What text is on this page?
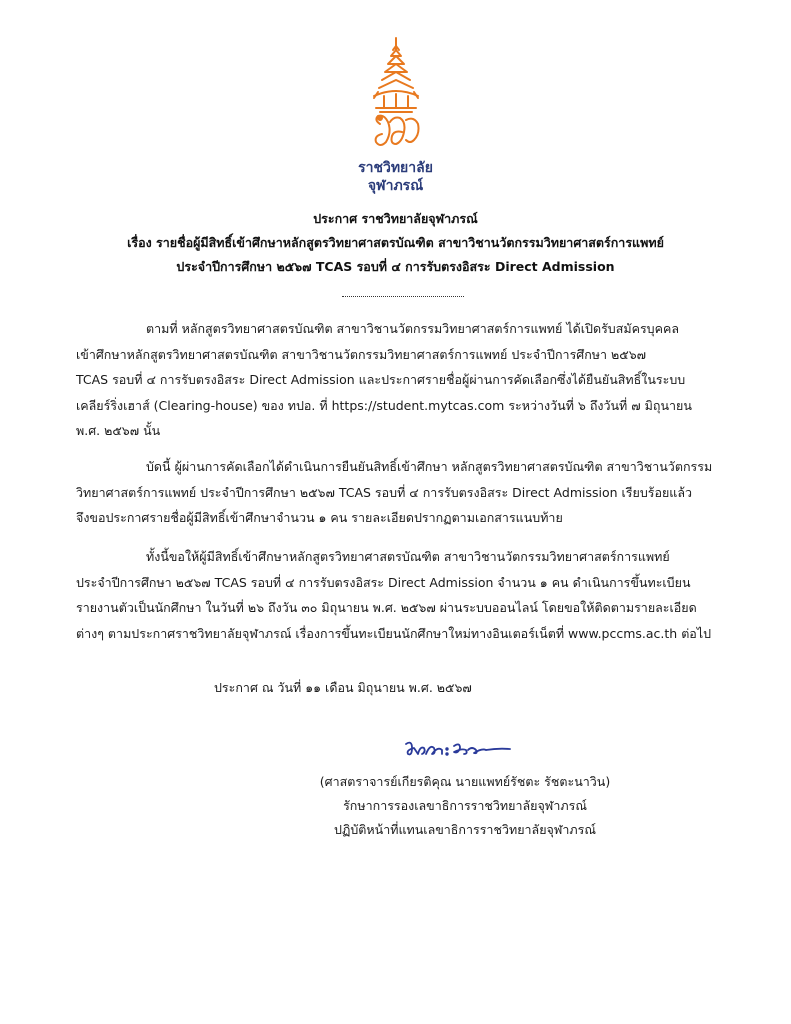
ราชวิทยาลัย
จุฬาภรณ์
ประกาศ ราชวิทยาลัยจุฬาภรณ์
เรื่อง รายชื่อผู้มีสิทธิ์เข้าศึกษาหลักสูตรวิทยาศาสตรบัณฑิต สาขาวิชานวัตกรรมวิทยาศาสตร์การแพทย์
ประจำปีการศึกษา ๒๕๖๗ TCAS รอบที่ ๔ การรับตรงอิสระ Direct Admission
ตามที่ หลักสูตรวิทยาศาสตรบัณฑิต สาขาวิชานวัตกรรมวิทยาศาสตร์การแพทย์ ได้เปิดรับสมัครบุคคล
เข้าศึกษาหลักสูตรวิทยาศาสตรบัณฑิต สาขาวิชานวัตกรรมวิทยาศาสตร์การแพทย์ ประจำปีการศึกษา ๒๕๖๗
TCAS รอบที่ ๔ การรับตรงอิสระ Direct Admission และประกาศรายชื่อผู้ผ่านการคัดเลือกซึ่งได้ยืนยันสิทธิ์ในระบบ
เคลียร์ริ่งเฮาส์ (Clearing-house) ของ ทปอ. ที่ https://student.mytcas.com ระหว่างวันที่ ๖ ถึงวันที่ ๗ มิถุนายน
พ.ศ. ๒๕๖๗ นั้น
บัดนี้ ผู้ผ่านการคัดเลือกได้ดำเนินการยืนยันสิทธิ์เข้าศึกษา หลักสูตรวิทยาศาสตรบัณฑิต สาขาวิชานวัตกรรม
วิทยาศาสตร์การแพทย์ ประจำปีการศึกษา ๒๕๖๗ TCAS รอบที่ ๔ การรับตรงอิสระ Direct Admission เรียบร้อยแล้ว
จึงขอประกาศรายชื่อผู้มีสิทธิ์เข้าศึกษาจำนวน ๑ คน รายละเอียดปรากฏตามเอกสารแนบท้าย
ทั้งนี้ขอให้ผู้มีสิทธิ์เข้าศึกษาหลักสูตรวิทยาศาสตรบัณฑิต สาขาวิชานวัตกรรมวิทยาศาสตร์การแพทย์
ประจำปีการศึกษา ๒๕๖๗ TCAS รอบที่ ๔ การรับตรงอิสระ Direct Admission จำนวน ๑ คน ดำเนินการขึ้นทะเบียน
รายงานตัวเป็นนักศึกษา ในวันที่ ๒๖ ถึงวัน ๓๐ มิถุนายน พ.ศ. ๒๕๖๗ ผ่านระบบออนไลน์ โดยขอให้ติดตามรายละเอียด
ต่างๆ ตามประกาศราชวิทยาลัยจุฬาภรณ์ เรื่องการขึ้นทะเบียนนักศึกษาใหม่ทางอินเตอร์เน็ตที่ www.pccms.ac.th ต่อไป
ประกาศ ณ วันที่ ๑๑ เดือน มิถุนายน พ.ศ. ๒๕๖๗
(ศาสตราจารย์เกียรติคุณ นายแพทย์รัชตะ รัชตะนาวิน)
รักษาการรองเลขาธิการราชวิทยาลัยจุฬาภรณ์
ปฏิบัติหน้าที่แทนเลขาธิการราชวิทยาลัยจุฬาภรณ์
